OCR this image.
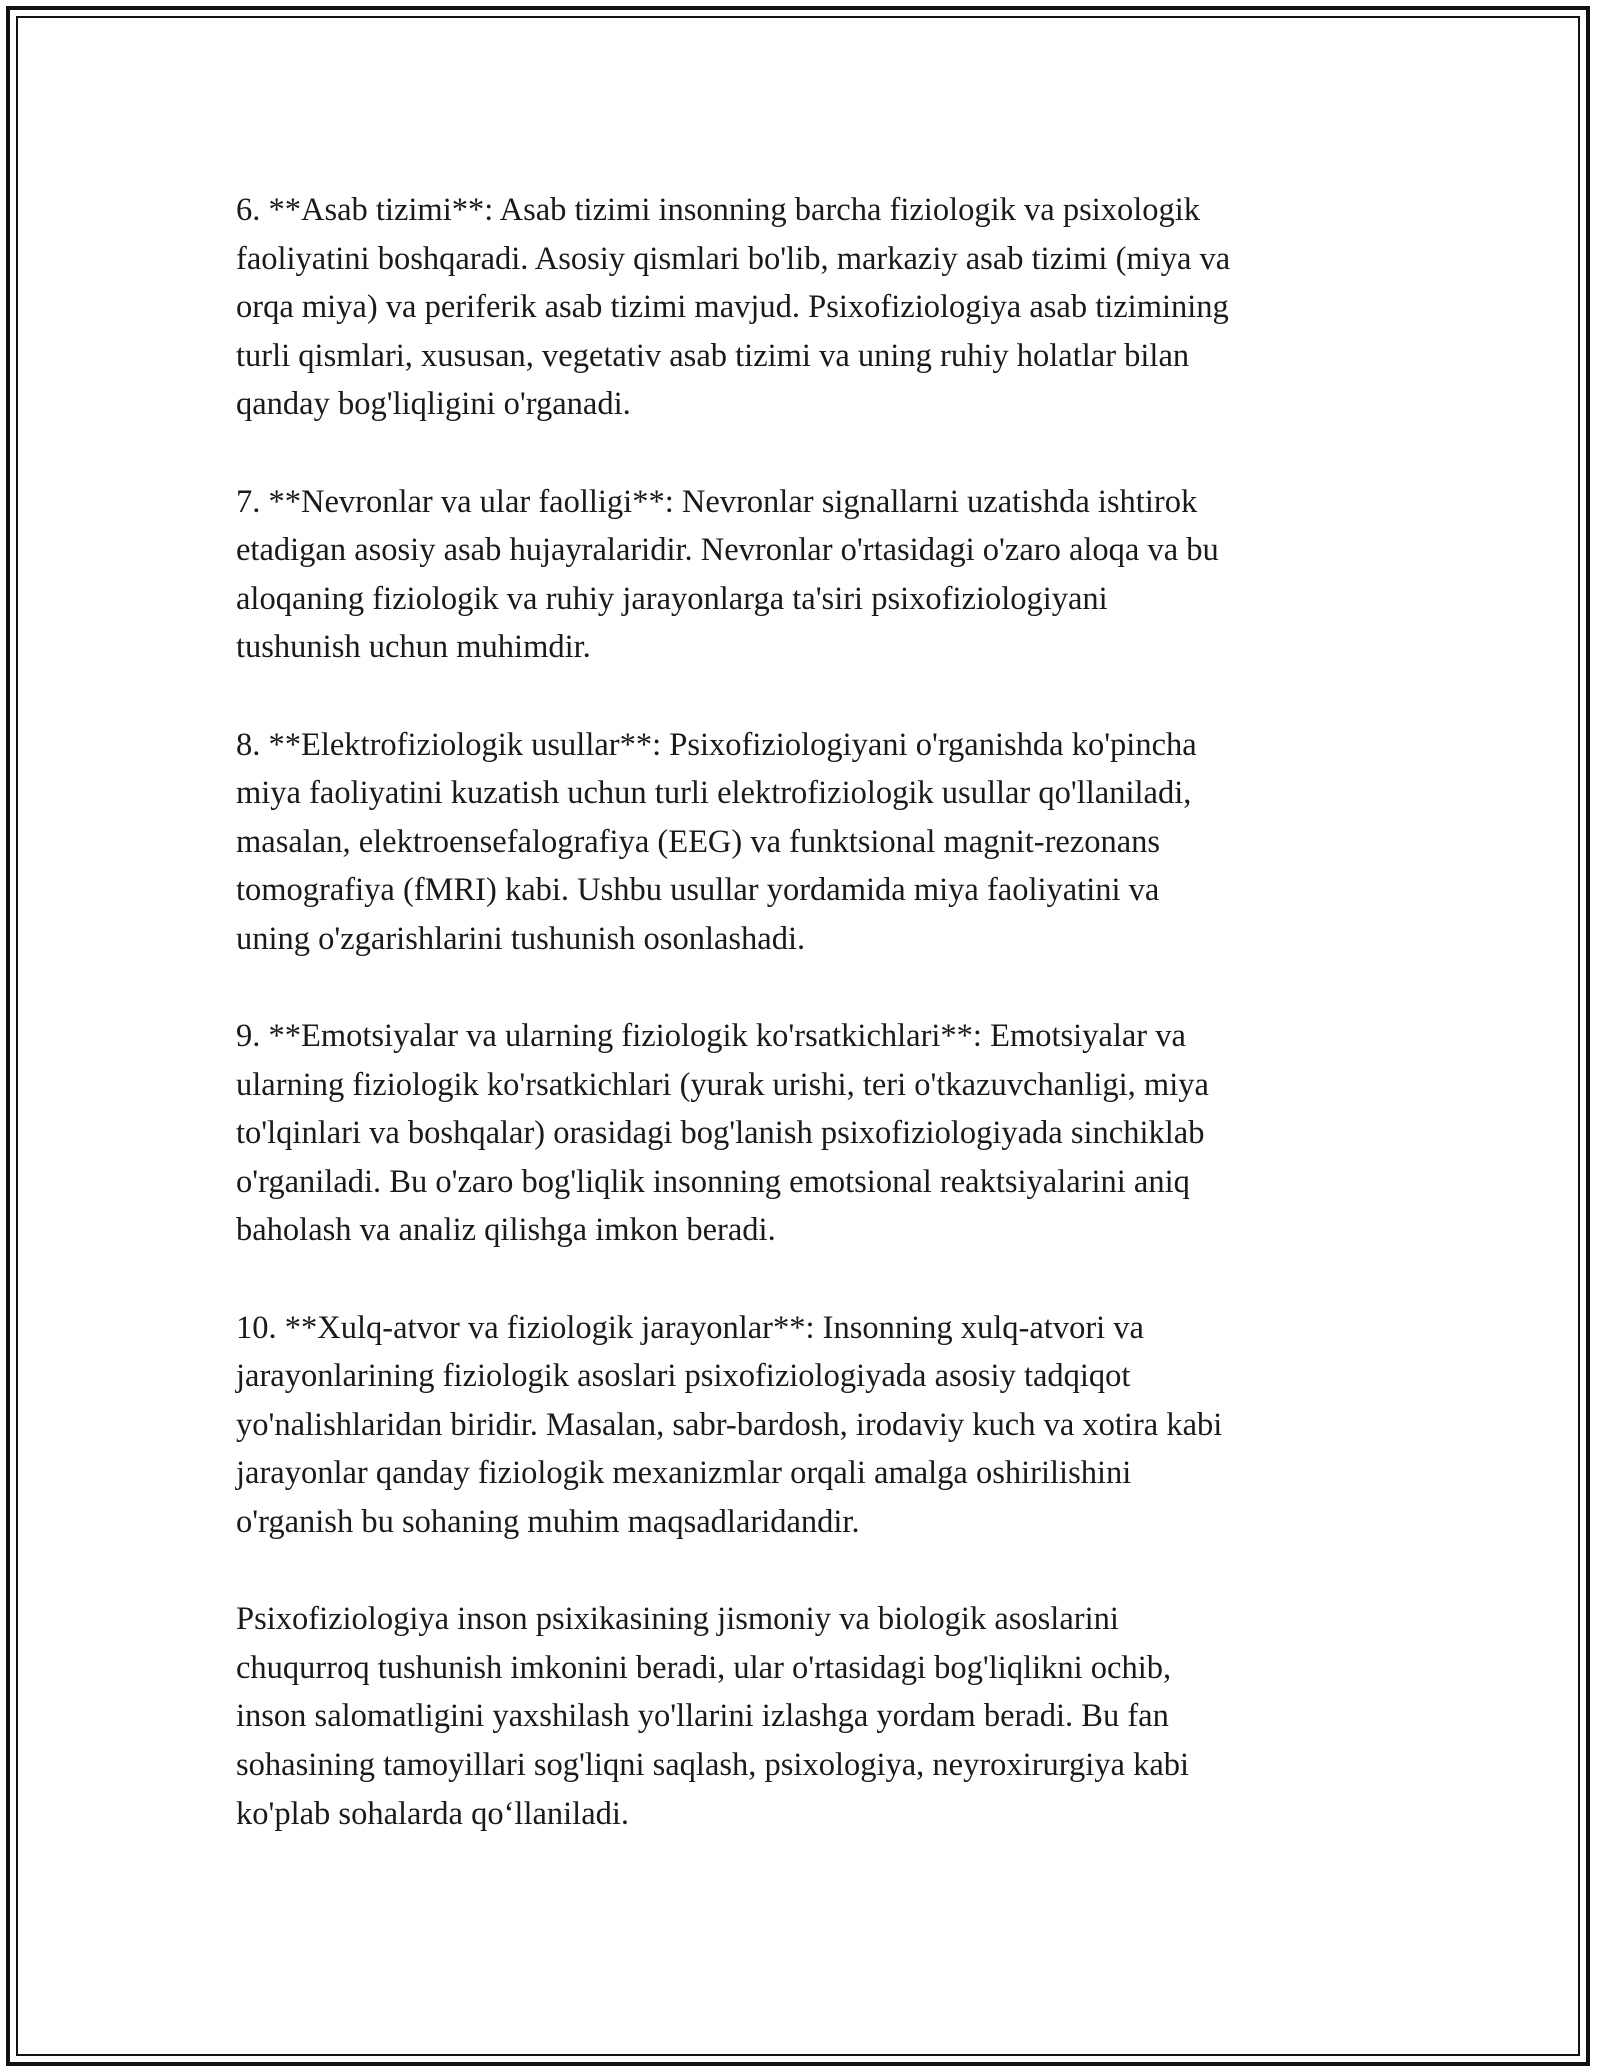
6. **Asab tizimi**: Asab tizimi insonning barcha fiziologik va psixologik
faoliyatini boshqaradi. Asosiy qismlari bo'lib, markaziy asab tizimi (miya va
orqa miya) va periferik asab tizimi mavjud. Psixofiziologiya asab tizimining
turli qismlari, xususan, vegetativ asab tizimi va uning ruhiy holatlar bilan
qanday bog'liqligini o'rganadi.

7. **Nevronlar va ular faolligi**: Nevronlar signallarni uzatishda ishtirok
etadigan asosiy asab hujayralaridir. Nevronlar o'rtasidagi o'zaro aloqa va bu
aloqaning fiziologik va ruhiy jarayonlarga ta'siri psixofiziologiyani
tushunish uchun muhimdir.

8. **Elektrofiziologik usullar**: Psixofiziologiyani o'rganishda ko'pincha
miya faoliyatini kuzatish uchun turli elektrofiziologik usullar qo'llaniladi,
masalan, elektroensefalografiya (EEG) va funktsional magnit-rezonans
tomografiya (fMRI) kabi. Ushbu usullar yordamida miya faoliyatini va
uning o'zgarishlarini tushunish osonlashadi.

9. **Emotsiyalar va ularning fiziologik ko'rsatkichlari**: Emotsiyalar va
ularning fiziologik ko'rsatkichlari (yurak urishi, teri o'tkazuvchanligi, miya
to'lqinlari va boshqalar) orasidagi bog'lanish psixofiziologiyada sinchiklab
o'rganiladi. Bu o'zaro bog'liqlik insonning emotsional reaktsiyalarini aniq
baholash va analiz qilishga imkon beradi.

10. **Xulq-atvor va fiziologik jarayonlar**: Insonning xulq-atvori va
jarayonlarining fiziologik asoslari psixofiziologiyada asosiy tadqiqot
yo'nalishlaridan biridir. Masalan, sabr-bardosh, irodaviy kuch va xotira kabi
jarayonlar qanday fiziologik mexanizmlar orqali amalga oshirilishini
o'rganish bu sohaning muhim maqsadlaridandir.

Psixofiziologiya inson psixikasining jismoniy va biologik asoslarini
chuqurroq tushunish imkonini beradi, ular o'rtasidagi bog'liqlikni ochib,
inson salomatligini yaxshilash yo'llarini izlashga yordam beradi. Bu fan
sohasining tamoyillari sog'liqni saqlash, psixologiya, neyroxirurgiya kabi
ko'plab sohalarda qo‘llaniladi.
